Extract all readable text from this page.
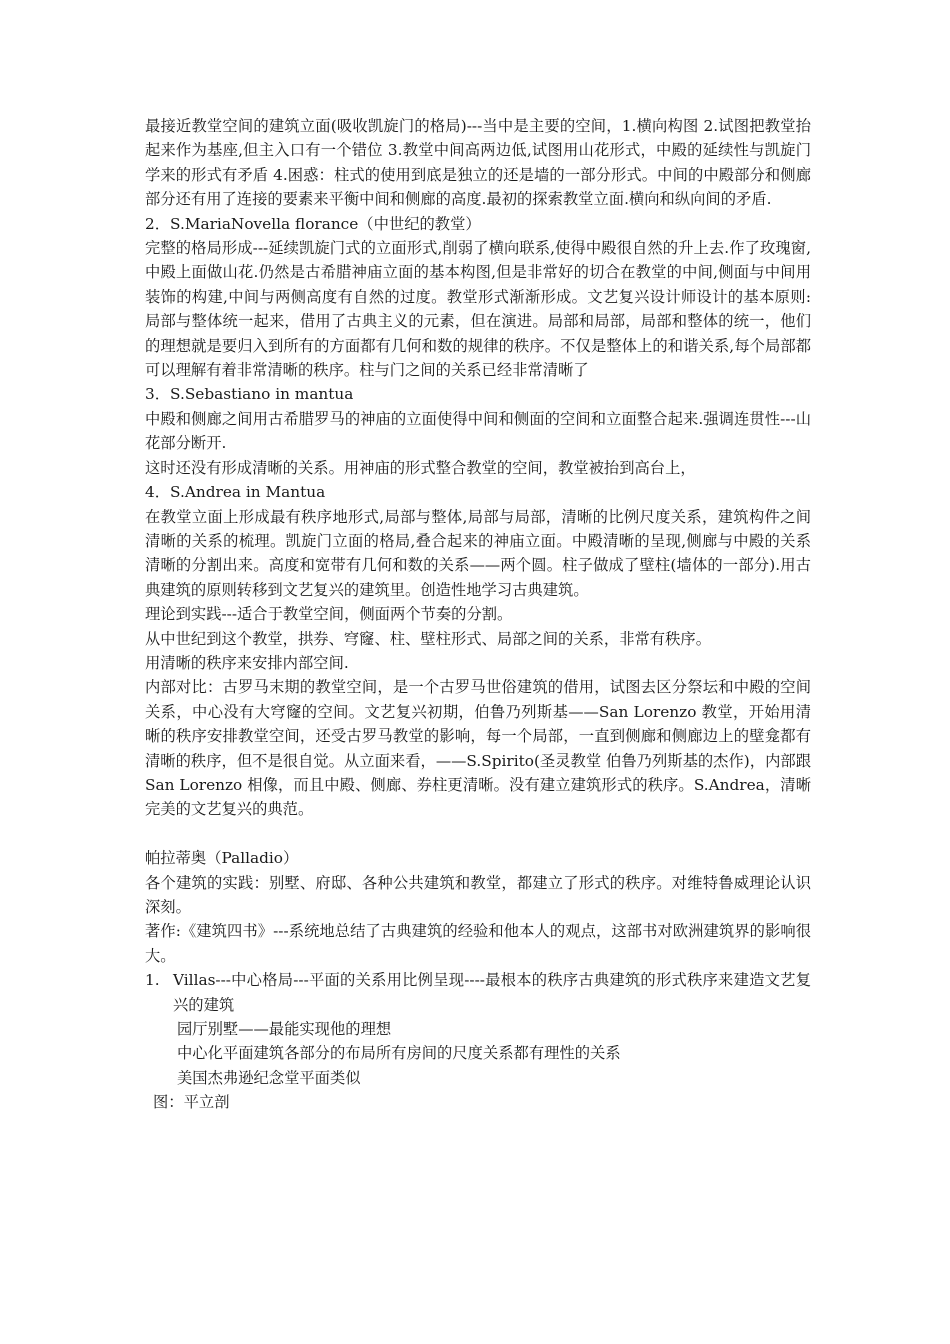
最接近教堂空间的建筑立面(吸收凯旋门的格局)---当中是主要的空间，1.横向构图 2.试图把教堂抬起来作为基座,但主入口有一个错位 3.教堂中间高两边低,试图用山花形式，中殿的延续性与凯旋门学来的形式有矛盾 4.困惑：柱式的使用到底是独立的还是墙的一部分形式。中间的中殿部分和侧廊部分还有用了连接的要素来平衡中间和侧廊的高度.最初的探索教堂立面.横向和纵向间的矛盾.

2．S.MariaNovella florance（中世纪的教堂）

完整的格局形成---延续凯旋门式的立面形式,削弱了横向联系,使得中殿很自然的升上去.作了玫瑰窗,中殿上面做山花.仍然是古希腊神庙立面的基本构图,但是非常好的切合在教堂的中间,侧面与中间用装饰的构建,中间与两侧高度有自然的过度。教堂形式渐渐形成。文艺复兴设计师设计的基本原则:局部与整体统一起来，借用了古典主义的元素，但在演进。局部和局部，局部和整体的统一，他们的理想就是要归入到所有的方面都有几何和数的规律的秩序。不仅是整体上的和谐关系,每个局部都可以理解有着非常清晰的秩序。柱与门之间的关系已经非常清晰了

3．S.Sebastiano in mantua

中殿和侧廊之间用古希腊罗马的神庙的立面使得中间和侧面的空间和立面整合起来.强调连贯性---山花部分断开.

这时还没有形成清晰的关系。用神庙的形式整合教堂的空间，教堂被抬到高台上，

4．S.Andrea in Mantua

在教堂立面上形成最有秩序地形式,局部与整体,局部与局部，清晰的比例尺度关系，建筑构件之间清晰的关系的梳理。凯旋门立面的格局,叠合起来的神庙立面。中殿清晰的呈现,侧廊与中殿的关系清晰的分割出来。高度和宽带有几何和数的关系——两个圆。柱子做成了壁柱(墙体的一部分).用古典建筑的原则转移到文艺复兴的建筑里。创造性地学习古典建筑。

理论到实践---适合于教堂空间，侧面两个节奏的分割。

从中世纪到这个教堂，拱券、穹窿、柱、壁柱形式、局部之间的关系，非常有秩序。

用清晰的秩序来安排内部空间.

内部对比：古罗马末期的教堂空间，是一个古罗马世俗建筑的借用，试图去区分祭坛和中殿的空间关系，中心没有大穹窿的空间。文艺复兴初期，伯鲁乃列斯基——San Lorenzo 教堂，开始用清晰的秩序安排教堂空间，还受古罗马教堂的影响，每一个局部，一直到侧廊和侧廊边上的壁龛都有清晰的秩序，但不是很自觉。从立面来看，——S.Spirito(圣灵教堂 伯鲁乃列斯基的杰作)，内部跟 San Lorenzo 相像，而且中殿、侧廊、券柱更清晰。没有建立建筑形式的秩序。S.Andrea，清晰完美的文艺复兴的典范。

帕拉蒂奥（Palladio）

各个建筑的实践：别墅、府邸、各种公共建筑和教堂，都建立了形式的秩序。对维特鲁威理论认识深刻。

著作:《建筑四书》---系统地总结了古典建筑的经验和他本人的观点，这部书对欧洲建筑界的影响很大。

1. Villas---中心格局---平面的关系用比例呈现----最根本的秩序古典建筑的形式秩序来建造文艺复兴的建筑

园厅别墅——最能实现他的理想

中心化平面建筑各部分的布局所有房间的尺度关系都有理性的关系

美国杰弗逊纪念堂平面类似

图：平立剖
